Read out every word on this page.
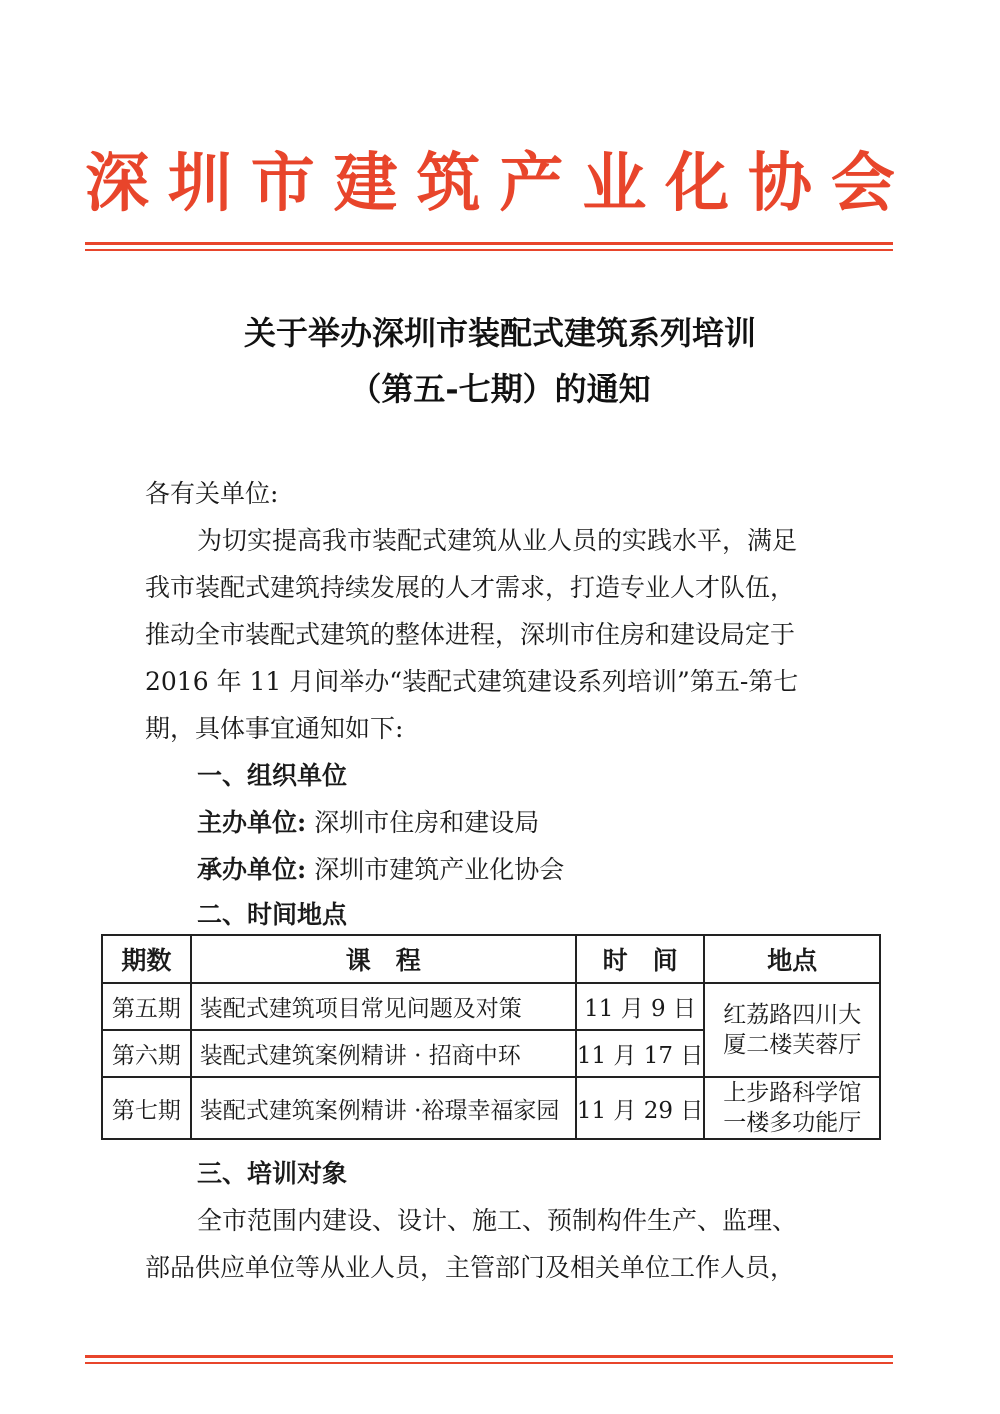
深 圳 市 建 筑 产 业 化 协 会
关于举办深圳市装配式建筑系列培训
（第五-七期）的通知
各有关单位:
为切实提高我市装配式建筑从业人员的实践水平，满足
我市装配式建筑持续发展的人才需求，打造专业人才队伍，
推动全市装配式建筑的整体进程，深圳市住房和建设局定于
2016 年 11 月间举办“装配式建筑建设系列培训”第五-第七
期，具体事宜通知如下:
一、组织单位
主办单位: 深圳市住房和建设局
承办单位: 深圳市建筑产业化协会
二、时间地点
期数	课　程	时　间	地点
第五期	装配式建筑项目常见问题及对策	11 月 9 日	红荔路四川大
厦二楼芙蓉厅

第六期	装配式建筑案例精讲 · 招商中环	11 月 17 日	
第七期	装配式建筑案例精讲 ·裕璟幸福家园	11 月 29 日	上步路科学馆
一楼多功能厅
三、培训对象
全市范围内建设、设计、施工、预制构件生产、监理、
部品供应单位等从业人员，主管部门及相关单位工作人员，
